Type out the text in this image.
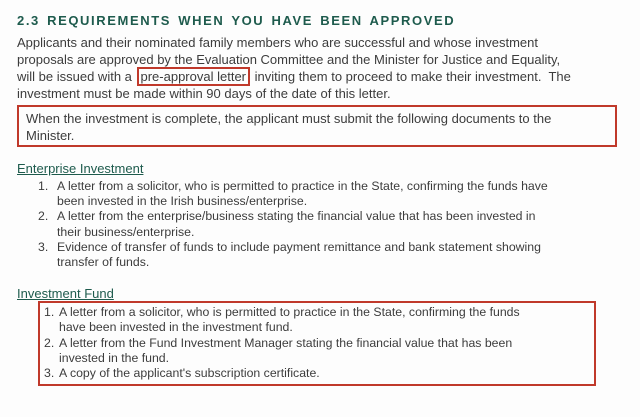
2.3 REQUIREMENTS WHEN YOU HAVE BEEN APPROVED

Applicants and their nominated family members who are successful and whose investment
proposals are approved by the Evaluation Committee and the Minister for Justice and Equality,
will be issued with a pre-approval letter inviting them to proceed to make their investment.  The
investment must be made within 90 days of the date of this letter.

When the investment is complete, the applicant must submit the following documents to the
Minister.
Enterprise Investment
1. A letter from a solicitor, who is permitted to practice in the State, confirming the funds have
been invested in the Irish business/enterprise.
2. A letter from the enterprise/business stating the financial value that has been invested in
their business/enterprise.
3. Evidence of transfer of funds to include payment remittance and bank statement showing
transfer of funds.
Investment Fund
1. A letter from a solicitor, who is permitted to practice in the State, confirming the funds
have been invested in the investment fund.
2. A letter from the Fund Investment Manager stating the financial value that has been
invested in the fund.
3. A copy of the applicant's subscription certificate.
